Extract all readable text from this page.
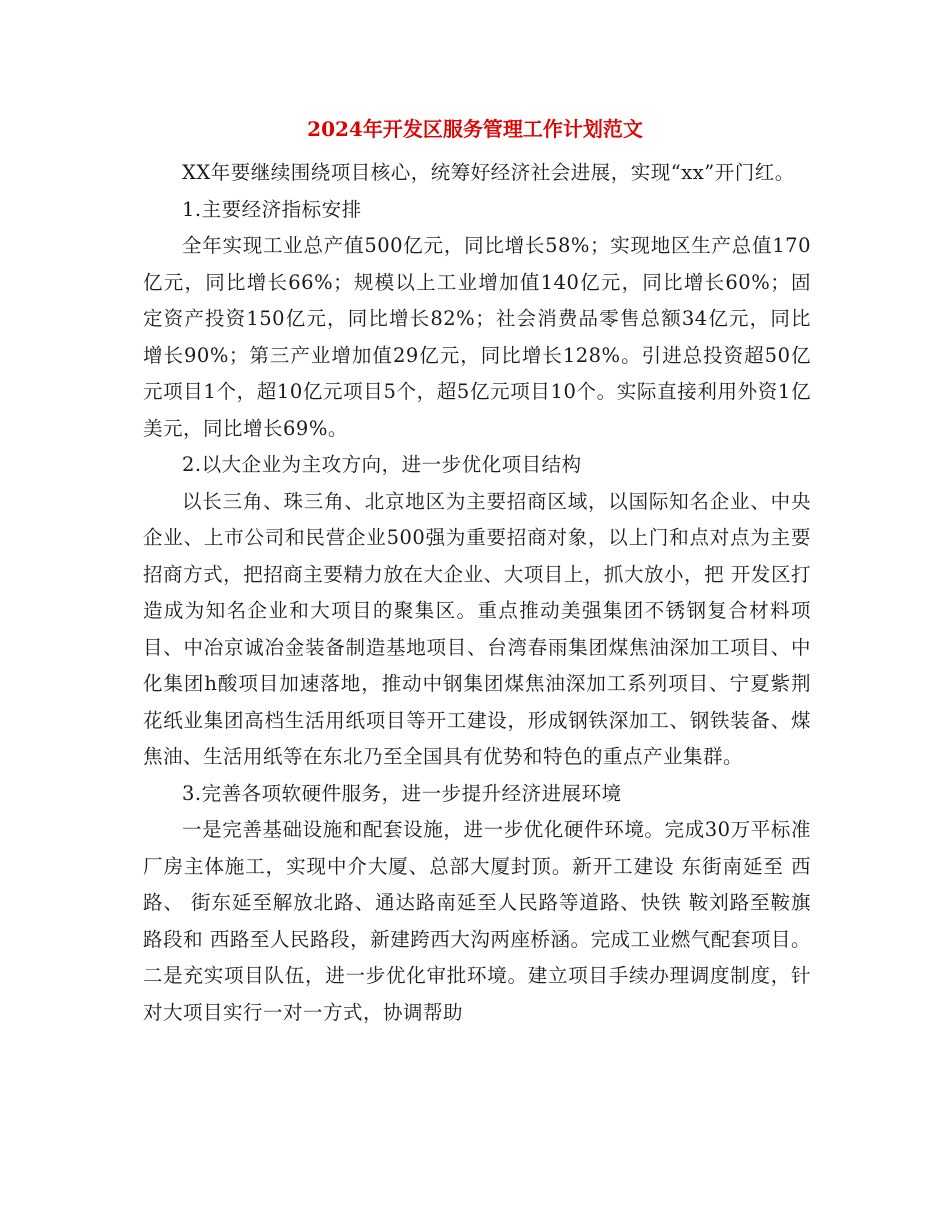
2024年开发区服务管理工作计划范文

XX年要继续围绕项目核心，统筹好经济社会进展，实现“xx”开门红。

1.主要经济指标安排

全年实现工业总产值500亿元，同比增长58%；实现地区生产总值170亿元，同比增长66%；规模以上工业增加值140亿元，同比增长60%；固定资产投资150亿元，同比增长82%；社会消费品零售总额34亿元，同比增长90%；第三产业增加值29亿元，同比增长128%。引进总投资超50亿元项目1个，超10亿元项目5个，超5亿元项目10个。实际直接利用外资1亿美元，同比增长69%。

2.以大企业为主攻方向，进一步优化项目结构

以长三角、珠三角、北京地区为主要招商区域，以国际知名企业、中央企业、上市公司和民营企业500强为重要招商对象，以上门和点对点为主要招商方式，把招商主要精力放在大企业、大项目上，抓大放小，把 开发区打造成为知名企业和大项目的聚集区。重点推动美强集团不锈钢复合材料项目、中冶京诚冶金装备制造基地项目、台湾春雨集团煤焦油深加工项目、中化集团h酸项目加速落地，推动中钢集团煤焦油深加工系列项目、宁夏紫荆花纸业集团高档生活用纸项目等开工建设，形成钢铁深加工、钢铁装备、煤焦油、生活用纸等在东北乃至全国具有优势和特色的重点产业集群。

3.完善各项软硬件服务，进一步提升经济进展环境

一是完善基础设施和配套设施，进一步优化硬件环境。完成30万平标准厂房主体施工，实现中介大厦、总部大厦封顶。新开工建设 东街南延至 西路、 街东延至解放北路、通达路南延至人民路等道路、快铁 鞍刘路至鞍旗路段和 西路至人民路段，新建跨西大沟两座桥涵。完成工业燃气配套项目。二是充实项目队伍，进一步优化审批环境。建立项目手续办理调度制度，针对大项目实行一对一方式，协调帮助
